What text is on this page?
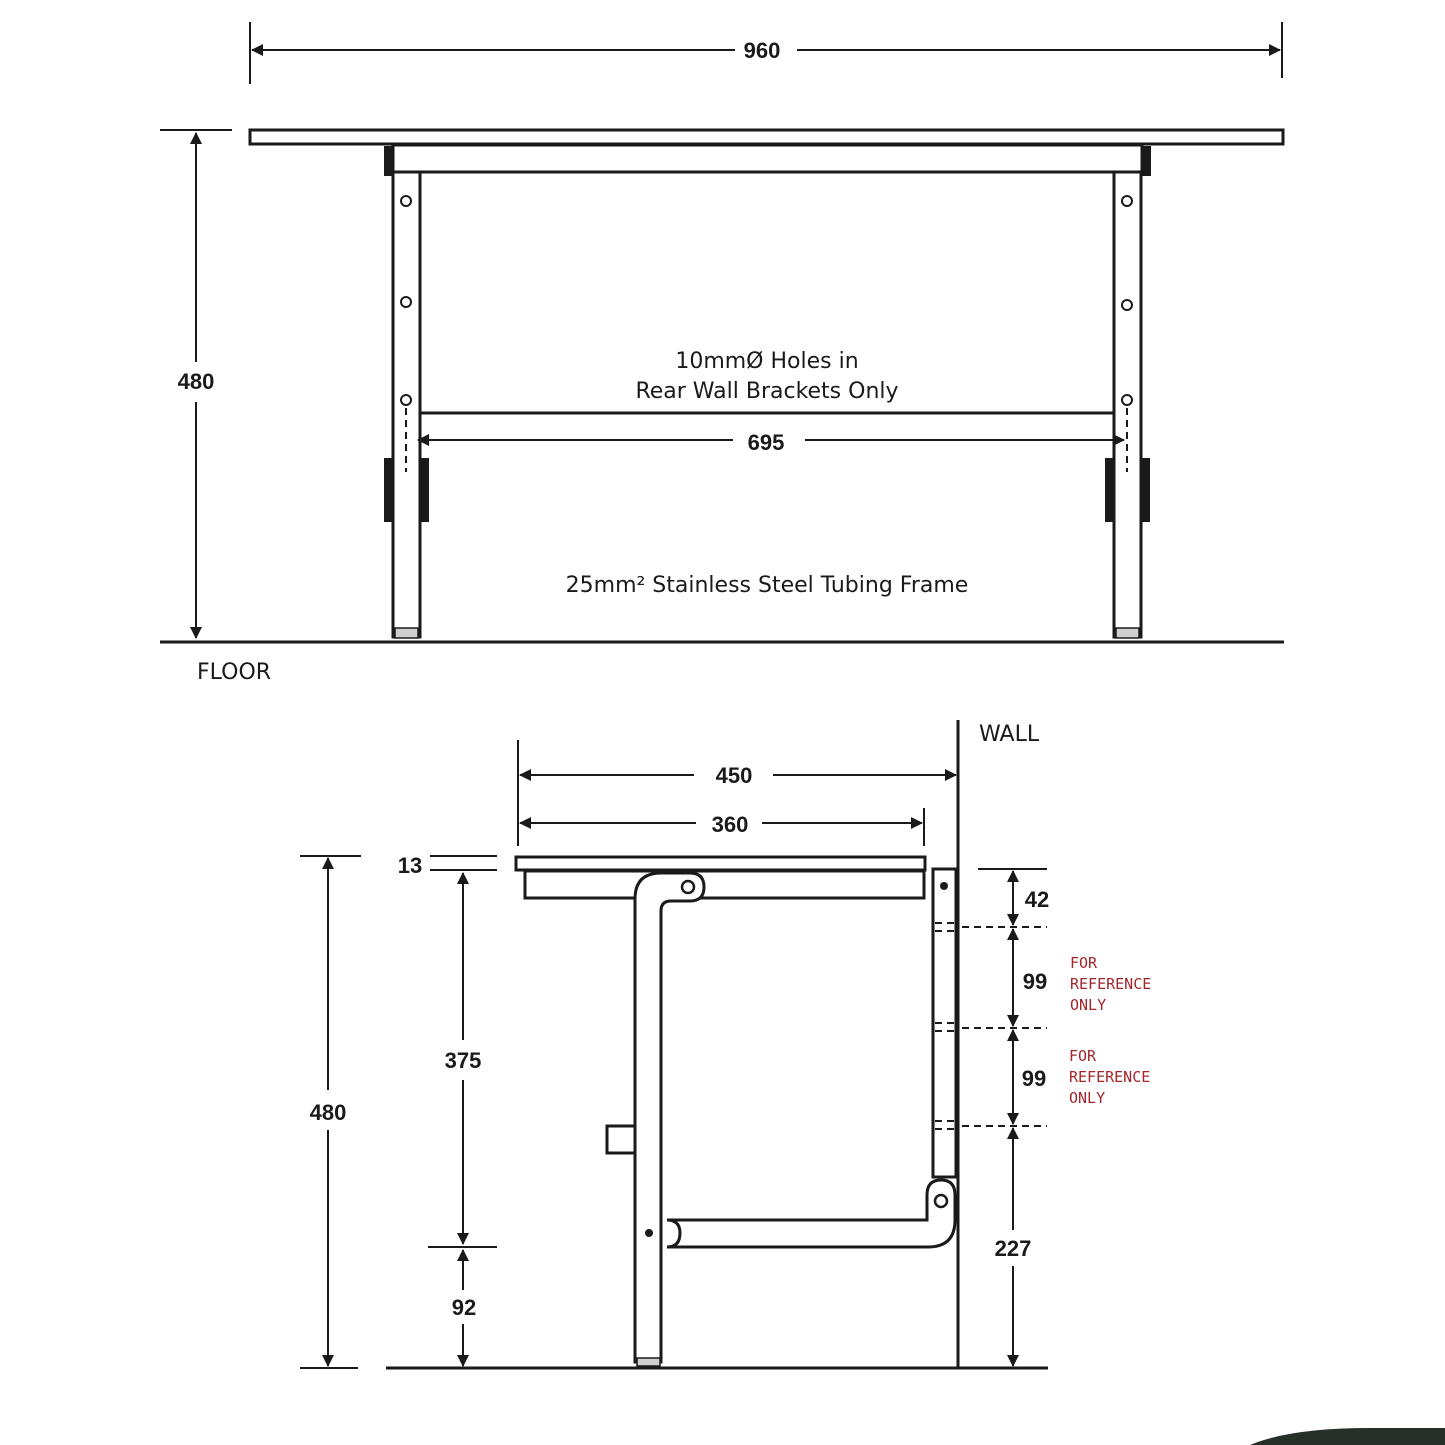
960
480
695
10mmØ Holes in
Rear Wall Brackets Only
25mm² Stainless Steel Tubing Frame
FLOOR
WALL
450
360
480
13
375
92
42
99
99
227
FOR
REFERENCE
ONLY
FOR
REFERENCE
ONLY
